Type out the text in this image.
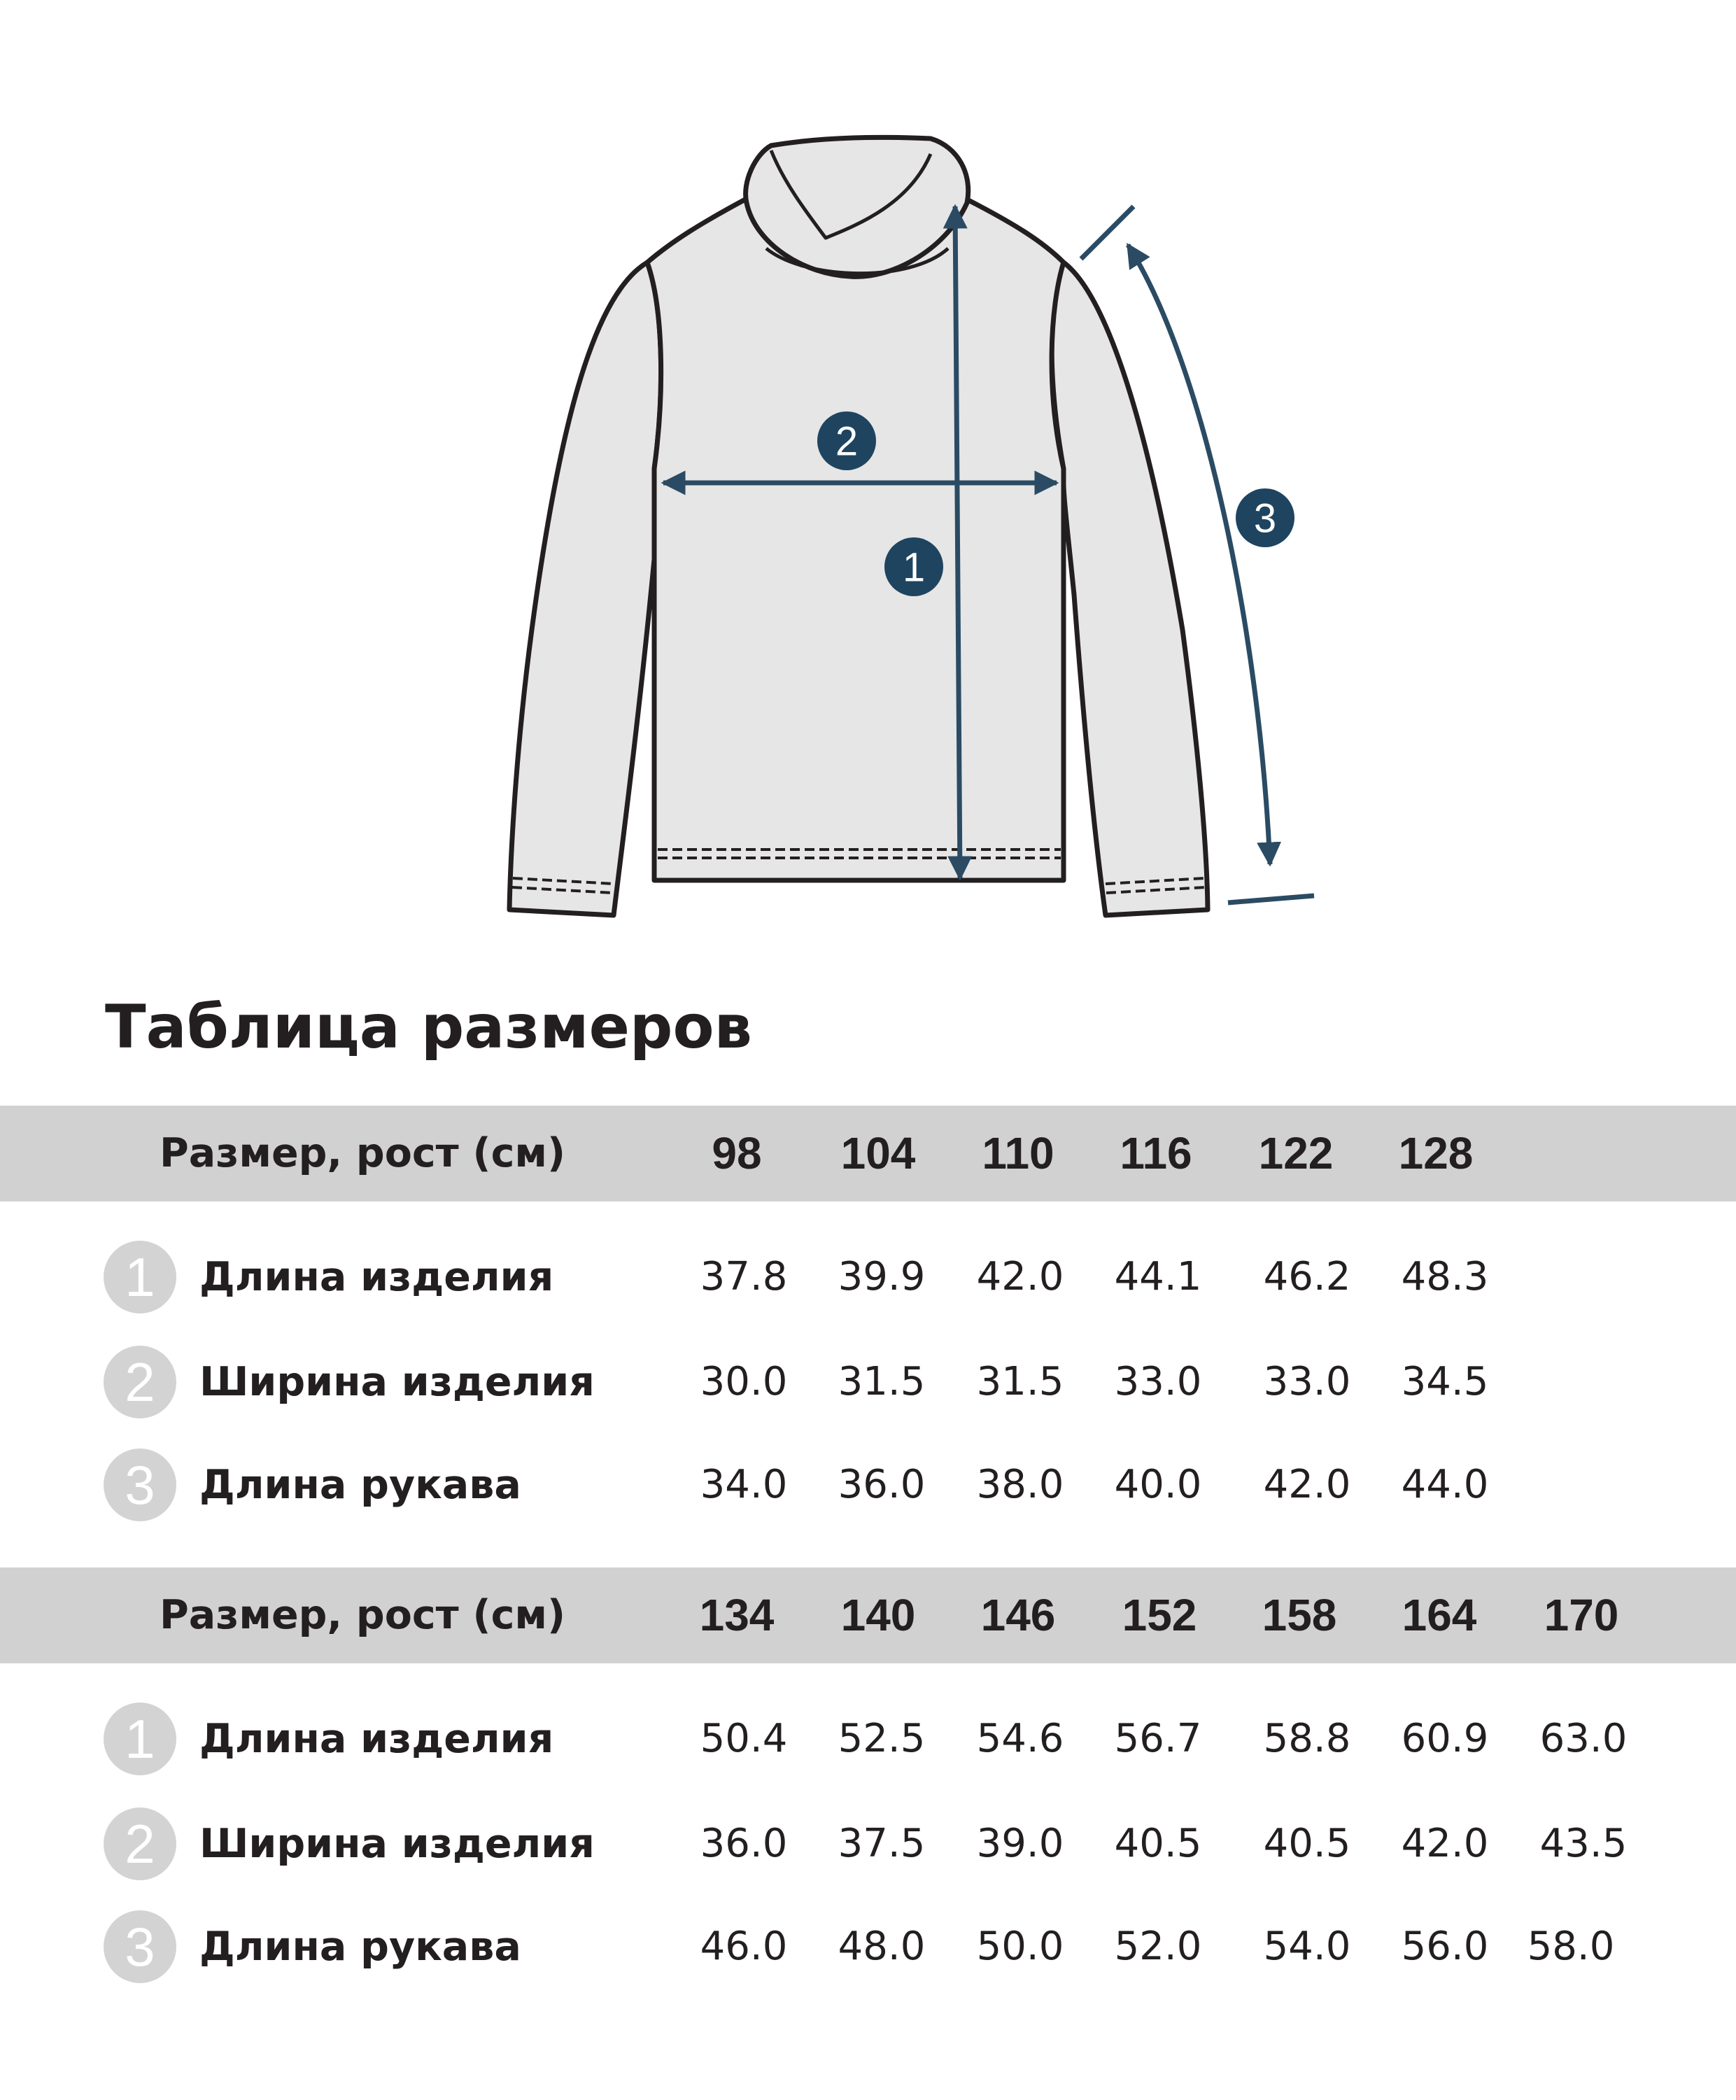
1
2
3
Таблица размеров
Размер, рост (см)	98	104	110	116	122	128
1	Длина изделия	37.8	39.9	42.0	44.1	46.2	48.3
2	Ширина изделия	30.0	31.5	31.5	33.0	33.0	34.5
3	Длина рукава	34.0	36.0	38.0	40.0	42.0	44.0
Размер, рост (см)	134	140	146	152	158	164	170
1	Длина изделия	50.4	52.5	54.6	56.7	58.8	60.9	63.0
2	Ширина изделия	36.0	37.5	39.0	40.5	40.5	42.0	43.5
3	Длина рукава	46.0	48.0	50.0	52.0	54.0	56.0 58.0
